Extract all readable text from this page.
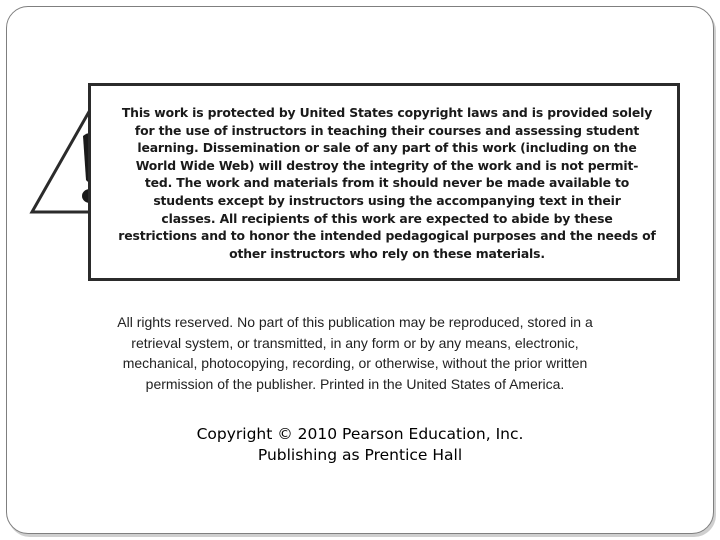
This work is protected by United States copyright laws and is provided solely
for the use of instructors in teaching their courses and assessing student
learning. Dissemination or sale of any part of this work (including on the
World Wide Web) will destroy the integrity of the work and is not permit-
ted. The work and materials from it should never be made available to
students except by instructors using the accompanying text in their
classes. All recipients of this work are expected to abide by these
restrictions and to honor the intended pedagogical purposes and the needs of
other instructors who rely on these materials.

All rights reserved. No part of this publication may be reproduced, stored in a
retrieval system, or transmitted, in any form or by any means, electronic,
mechanical, photocopying, recording, or otherwise, without the prior written
permission of the publisher. Printed in the United States of America.

Copyright © 2010 Pearson Education, Inc.
Publishing as Prentice Hall
